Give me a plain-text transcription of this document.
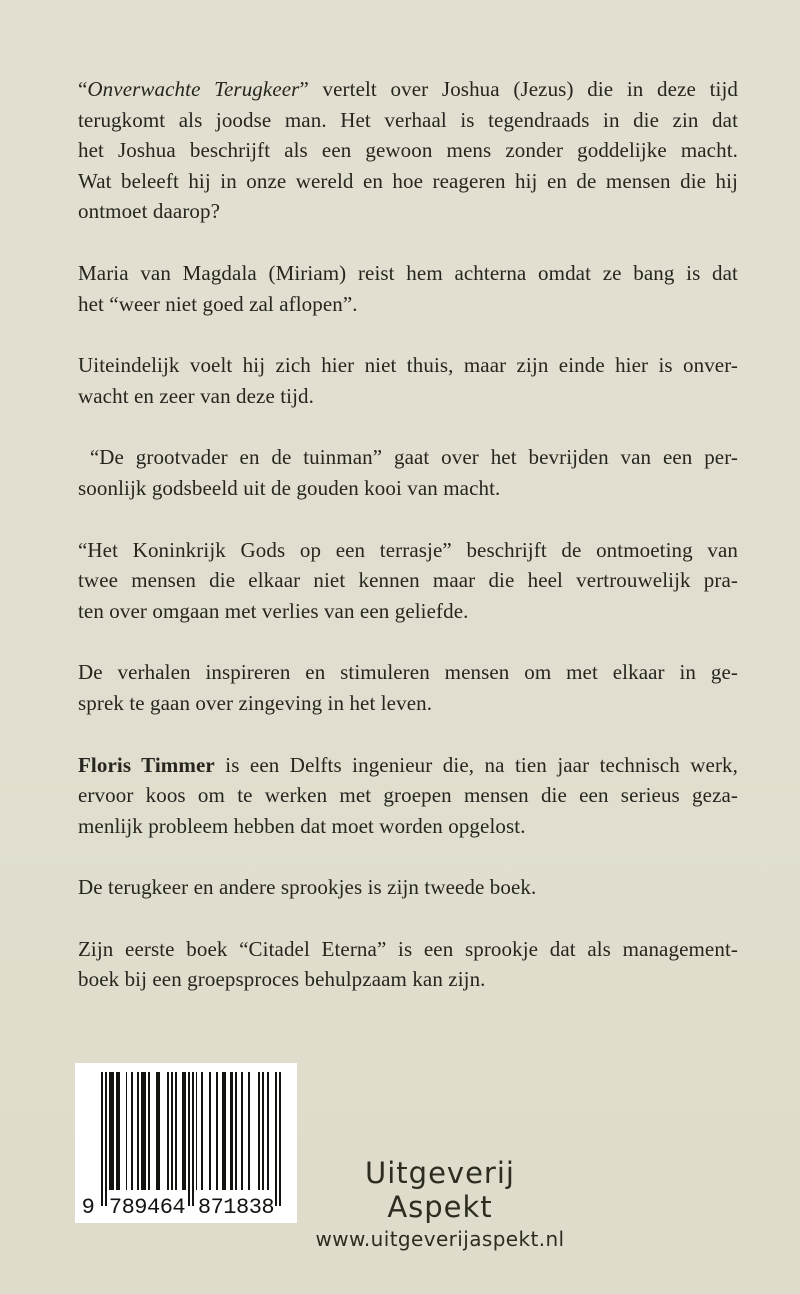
“Onverwachte Terugkeer” vertelt over Joshua (Jezus) die in deze tijd
terugkomt als joodse man. Het verhaal is tegendraads in die zin dat
het Joshua beschrijft als een gewoon mens zonder goddelijke macht.
Wat beleeft hij in onze wereld en hoe reageren hij en de mensen die hij
ontmoet daarop?
Maria van Magdala (Miriam) reist hem achterna omdat ze bang is dat
het “weer niet goed zal aflopen”.
Uiteindelijk voelt hij zich hier niet thuis, maar zijn einde hier is onver-
wacht en zeer van deze tijd.
“De grootvader en de tuinman” gaat over het bevrijden van een per-
soonlijk godsbeeld uit de gouden kooi van macht.
“Het Koninkrijk Gods op een terrasje” beschrijft de ontmoeting van
twee mensen die elkaar niet kennen maar die heel vertrouwelijk pra-
ten over omgaan met verlies van een geliefde.
De verhalen inspireren en stimuleren mensen om met elkaar in ge-
sprek te gaan over zingeving in het leven.
Floris Timmer is een Delfts ingenieur die, na tien jaar technisch werk,
ervoor koos om te werken met groepen mensen die een serieus geza-
menlijk probleem hebben dat moet worden opgelost.
De terugkeer en andere sprookjes is zijn tweede boek.
Zijn eerste boek “Citadel Eterna” is een sprookje dat als management-
boek bij een groepsproces behulpzaam kan zijn.
9 789464 871838
Uitgeverij Aspekt
www.uitgeverijaspekt.nl
